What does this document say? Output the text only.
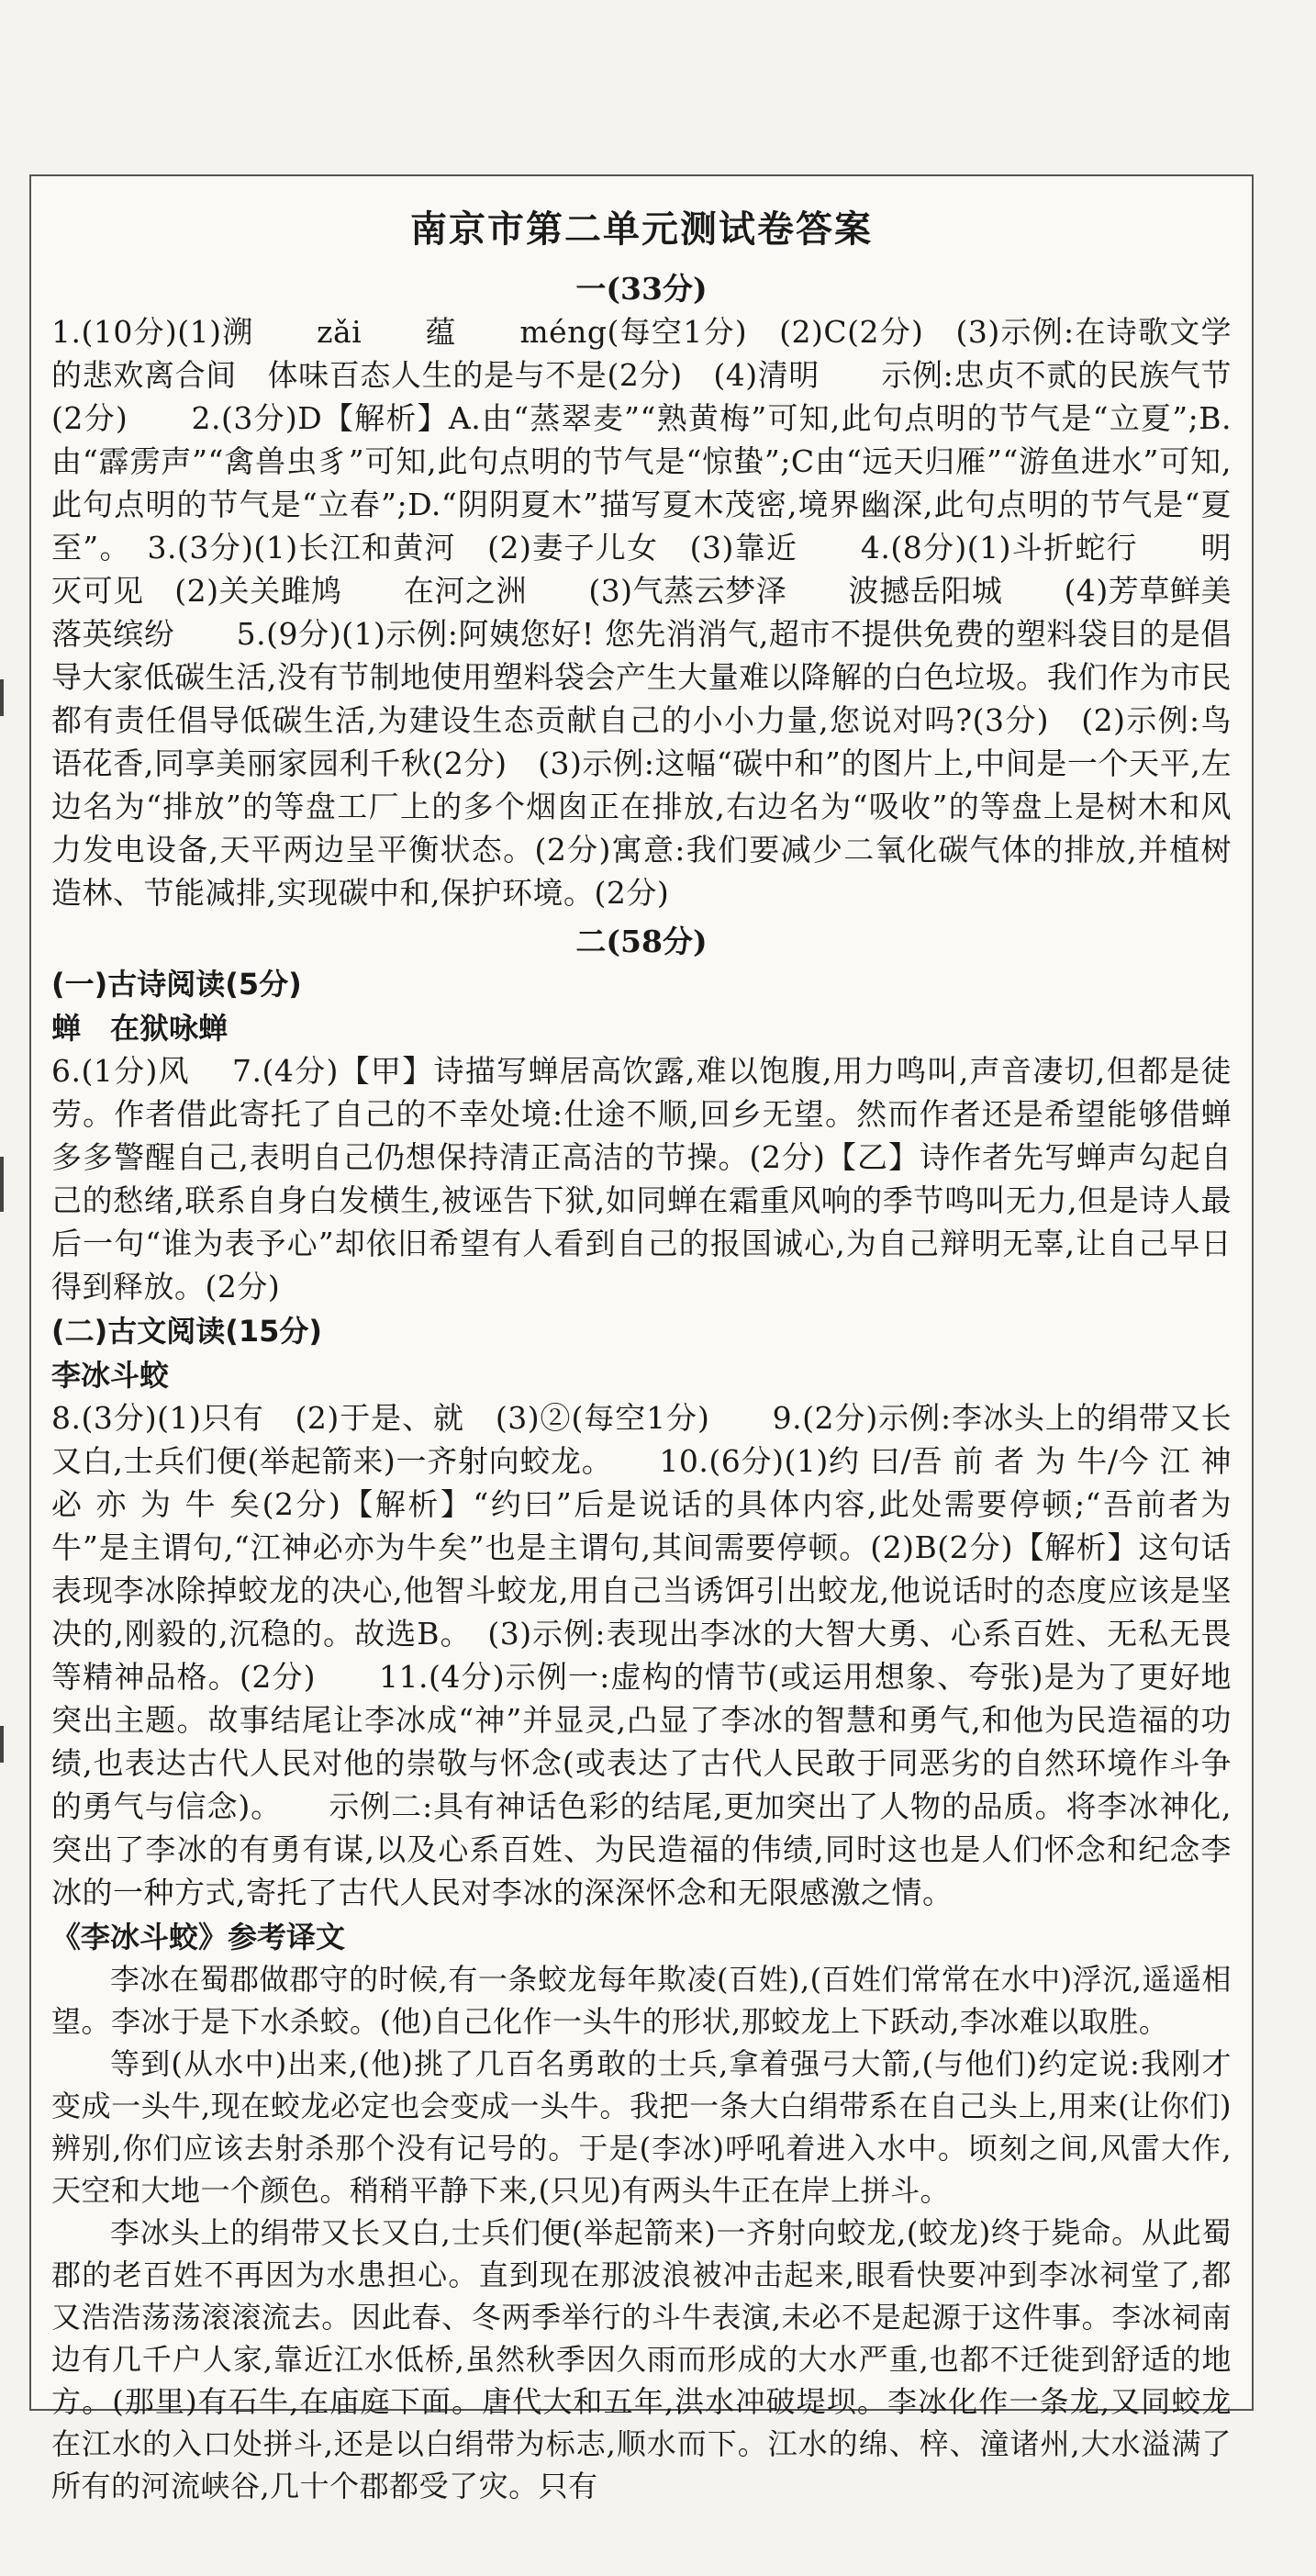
南京市第二单元测试卷答案
一(33分)

1.(10分)(1)溯　　zǎi　　蕴　　méng(每空1分)　(2)C(2分)　(3)示例:在诗歌文学的悲欢离合间　体味百态人生的是与不是(2分)　(4)清明　　示例:忠贞不贰的民族气节(2分)　　2.(3分)D【解析】A.由“蒸翠麦”“熟黄梅”可知,此句点明的节气是“立夏”;B.由“霹雳声”“禽兽虫豸”可知,此句点明的节气是“惊蛰”;C由“远天归雁”“游鱼进水”可知,此句点明的节气是“立春”;D.“阴阴夏木”描写夏木茂密,境界幽深,此句点明的节气是“夏至”。　3.(3分)(1)长江和黄河　(2)妻子儿女　(3)靠近　　4.(8分)(1)斗折蛇行　　明灭可见　(2)关关雎鸠　　在河之洲　　(3)气蒸云梦泽　　波撼岳阳城　　(4)芳草鲜美　　落英缤纷　　5.(9分)(1)示例:阿姨您好! 您先消消气,超市不提供免费的塑料袋目的是倡导大家低碳生活,没有节制地使用塑料袋会产生大量难以降解的白色垃圾。我们作为市民都有责任倡导低碳生活,为建设生态贡献自己的小小力量,您说对吗?(3分)　(2)示例:鸟语花香,同享美丽家园利千秋(2分)　(3)示例:这幅“碳中和”的图片上,中间是一个天平,左边名为“排放”的等盘工厂上的多个烟囱正在排放,右边名为“吸收”的等盘上是树木和风力发电设备,天平两边呈平衡状态。(2分)寓意:我们要减少二氧化碳气体的排放,并植树造林、节能减排,实现碳中和,保护环境。(2分)

二(58分)
(一)古诗阅读(5分)
蝉　在狱咏蝉

6.(1分)风　 7.(4分)【甲】诗描写蝉居高饮露,难以饱腹,用力鸣叫,声音凄切,但都是徒劳。作者借此寄托了自己的不幸处境:仕途不顺,回乡无望。然而作者还是希望能够借蝉多多警醒自己,表明自己仍想保持清正高洁的节操。(2分)【乙】诗作者先写蝉声勾起自己的愁绪,联系自身白发横生,被诬告下狱,如同蝉在霜重风响的季节鸣叫无力,但是诗人最后一句“谁为表予心”却依旧希望有人看到自己的报国诚心,为自己辩明无辜,让自己早日得到释放。(2分)

(二)古文阅读(15分)
李冰斗蛟

8.(3分)(1)只有　(2)于是、就　(3)②(每空1分)　　9.(2分)示例:李冰头上的绢带又长又白,士兵们便(举起箭来)一齐射向蛟龙。　　10.(6分)(1)约 曰/吾 前 者 为 牛/今 江 神 必 亦 为 牛 矣(2分)【解析】“约曰”后是说话的具体内容,此处需要停顿;“吾前者为牛”是主谓句,“江神必亦为牛矣”也是主谓句,其间需要停顿。(2)B(2分)【解析】这句话表现李冰除掉蛟龙的决心,他智斗蛟龙,用自己当诱饵引出蛟龙,他说话时的态度应该是坚决的,刚毅的,沉稳的。故选B。　(3)示例:表现出李冰的大智大勇、心系百姓、无私无畏等精神品格。(2分)　　11.(4分)示例一:虚构的情节(或运用想象、夸张)是为了更好地突出主题。故事结尾让李冰成“神”并显灵,凸显了李冰的智慧和勇气,和他为民造福的功绩,也表达古代人民对他的崇敬与怀念(或表达了古代人民敢于同恶劣的自然环境作斗争的勇气与信念)。　　示例二:具有神话色彩的结尾,更加突出了人物的品质。将李冰神化,突出了李冰的有勇有谋,以及心系百姓、为民造福的伟绩,同时这也是人们怀念和纪念李冰的一种方式,寄托了古代人民对李冰的深深怀念和无限感激之情。

《李冰斗蛟》参考译文

李冰在蜀郡做郡守的时候,有一条蛟龙每年欺凌(百姓),(百姓们常常在水中)浮沉,遥遥相望。李冰于是下水杀蛟。(他)自己化作一头牛的形状,那蛟龙上下跃动,李冰难以取胜。

等到(从水中)出来,(他)挑了几百名勇敢的士兵,拿着强弓大箭,(与他们)约定说:我刚才变成一头牛,现在蛟龙必定也会变成一头牛。我把一条大白绢带系在自己头上,用来(让你们)辨别,你们应该去射杀那个没有记号的。于是(李冰)呼吼着进入水中。顷刻之间,风雷大作,天空和大地一个颜色。稍稍平静下来,(只见)有两头牛正在岸上拼斗。

李冰头上的绢带又长又白,士兵们便(举起箭来)一齐射向蛟龙,(蛟龙)终于毙命。从此蜀郡的老百姓不再因为水患担心。直到现在那波浪被冲击起来,眼看快要冲到李冰祠堂了,都又浩浩荡荡滚滚流去。因此春、冬两季举行的斗牛表演,未必不是起源于这件事。李冰祠南边有几千户人家,靠近江水低桥,虽然秋季因久雨而形成的大水严重,也都不迁徙到舒适的地方。(那里)有石牛,在庙庭下面。唐代大和五年,洪水冲破堤坝。李冰化作一条龙,又同蛟龙在江水的入口处拼斗,还是以白绢带为标志,顺水而下。江水的绵、梓、潼诸州,大水溢满了所有的河流峡谷,几十个郡都受了灾。只有
